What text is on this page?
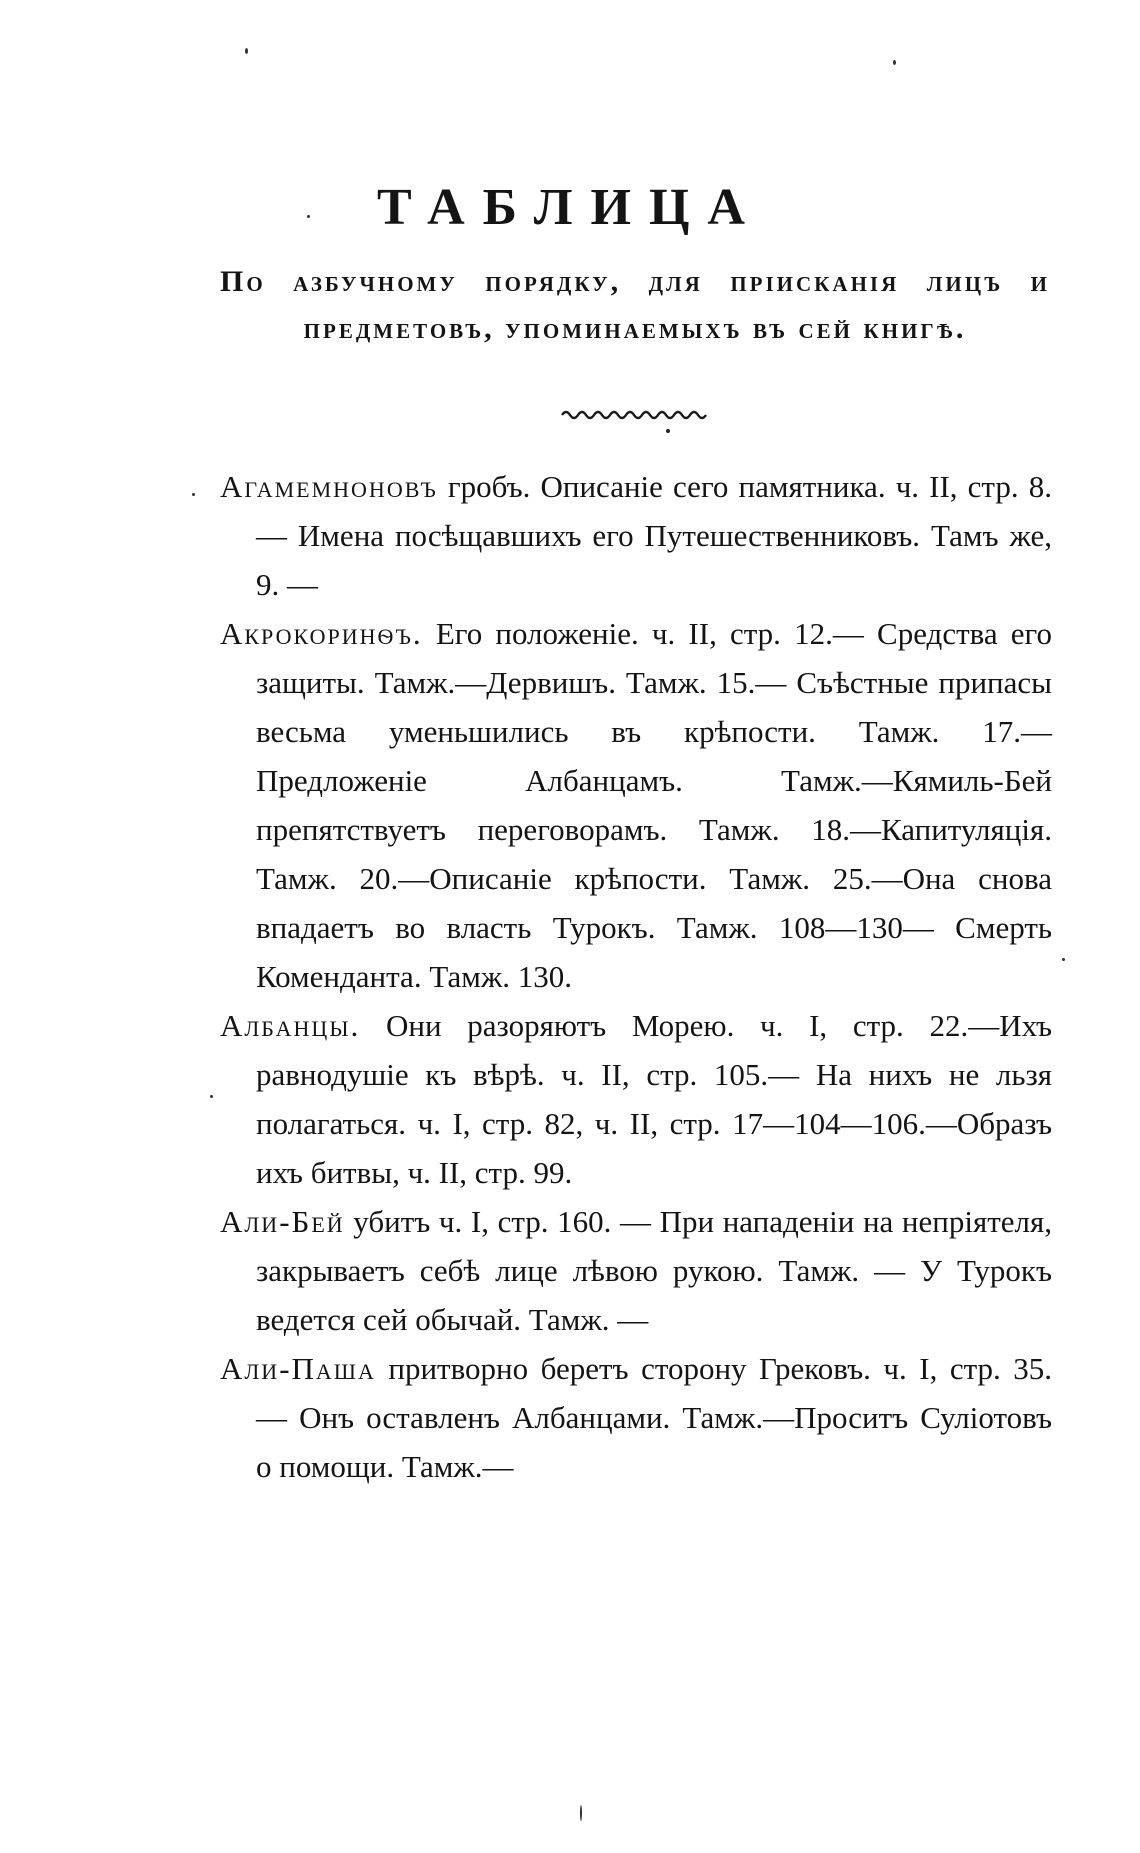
ТАБЛИЦА

По азбучному порядку, для прiисканiя лицъ и предметовъ, упоминаемыхъ въ сей книгѣ.

Агамемноновъ гробъ. Описанiе сего памятника. ч. II, стр. 8. — Имена посѣщавшихъ его Путешественниковъ. Тамъ же, 9. —

Акрокоринѳъ. Его положенiе. ч. II, стр. 12.— Средства его защиты. Тамж.—Дервишъ. Тамж. 15.— Съѣстные припасы весьма уменьшились въ крѣпости. Тамж. 17.— Предложенiе Албанцамъ. Тамж.—Кямиль-Бей препятствуетъ переговорамъ. Тамж. 18.—Капитуляцiя. Тамж. 20.—Описанiе крѣпости. Тамж. 25.—Она снова впадаетъ во власть Турокъ. Тамж. 108—130— Смерть Коменданта. Тамж. 130.

Албанцы. Они разоряютъ Морею. ч. I, стр. 22.—Ихъ равнодушiе къ вѣрѣ. ч. II, стр. 105.— На нихъ не льзя полагаться. ч. I, стр. 82, ч. II, стр. 17—104—106.—Образъ ихъ битвы, ч. II, стр. 99.

Али-Бей убитъ ч. I, стр. 160. — При нападенiи на непрiятеля, закрываетъ себѣ лице лѣвою рукою. Тамж. — У Турокъ ведется сей обычай. Тамж. —

Али-Паша притворно беретъ сторону Грековъ. ч. I, стр. 35. — Онъ оставленъ Албанцами. Тамж.—Проситъ Сулiотовъ о помощи. Тамж.—
